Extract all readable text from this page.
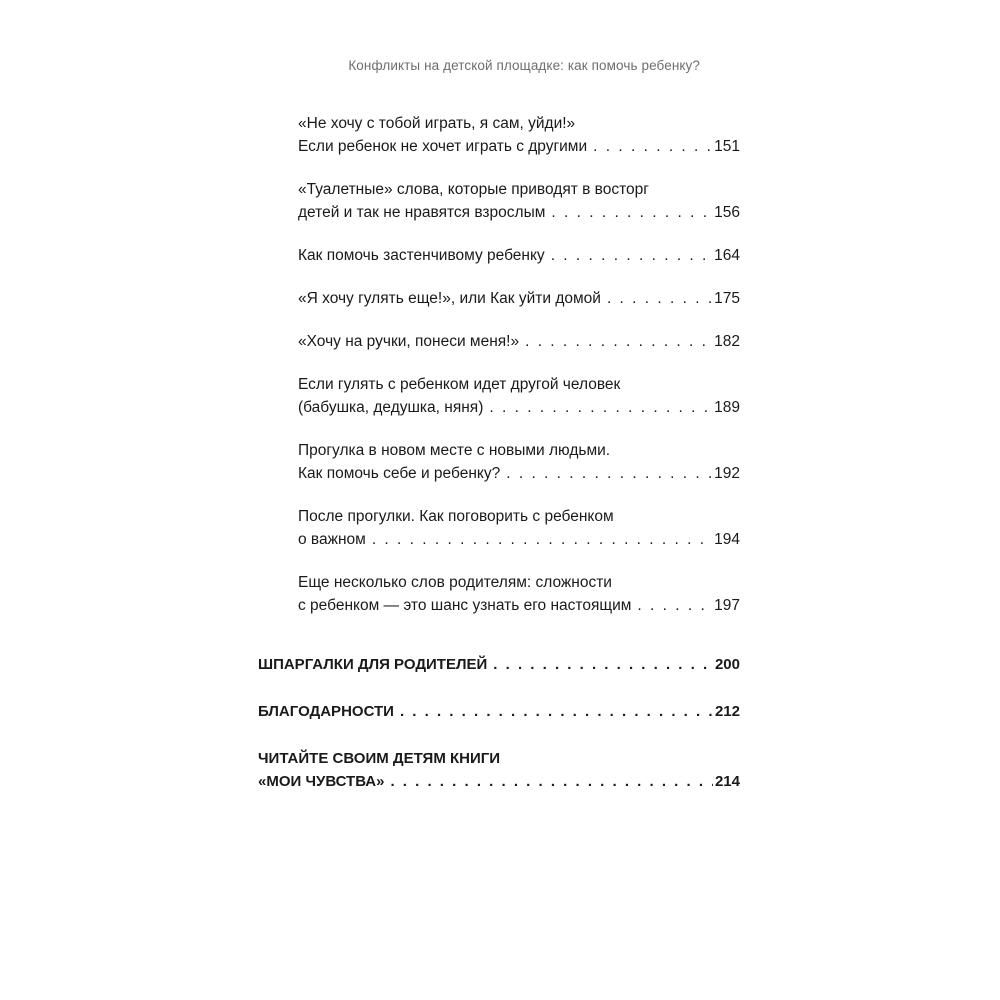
Конфликты на детской площадке: как помочь ребенку?
«Не хочу с тобой играть, я сам, уйди!»
Если ребенок не хочет играть с другими . . .	151
«Туалетные» слова, которые приводят в восторг
детей и так не нравятся взрослым . . .	156
Как помочь застенчивому ребенку . . .	164
«Я хочу гулять еще!», или Как уйти домой . . .	175
«Хочу на ручки, понеси меня!» . . .	182
Если гулять с ребенком идет другой человек
(бабушка, дедушка, няня) . . .	189
Прогулка в новом месте с новыми людьми.
Как помочь себе и ребенку? . . .	192
После прогулки. Как поговорить с ребенком
о важном . . .	194
Еще несколько слов родителям: сложности
с ребенком — это шанс узнать его настоящим . . .	197
ШПАРГАЛКИ ДЛЯ РОДИТЕЛЕЙ . . .	200
БЛАГОДАРНОСТИ . . .	212
ЧИТАЙТЕ СВОИМ ДЕТЯМ КНИГИ
«МОИ ЧУВСТВА» . . .	214
